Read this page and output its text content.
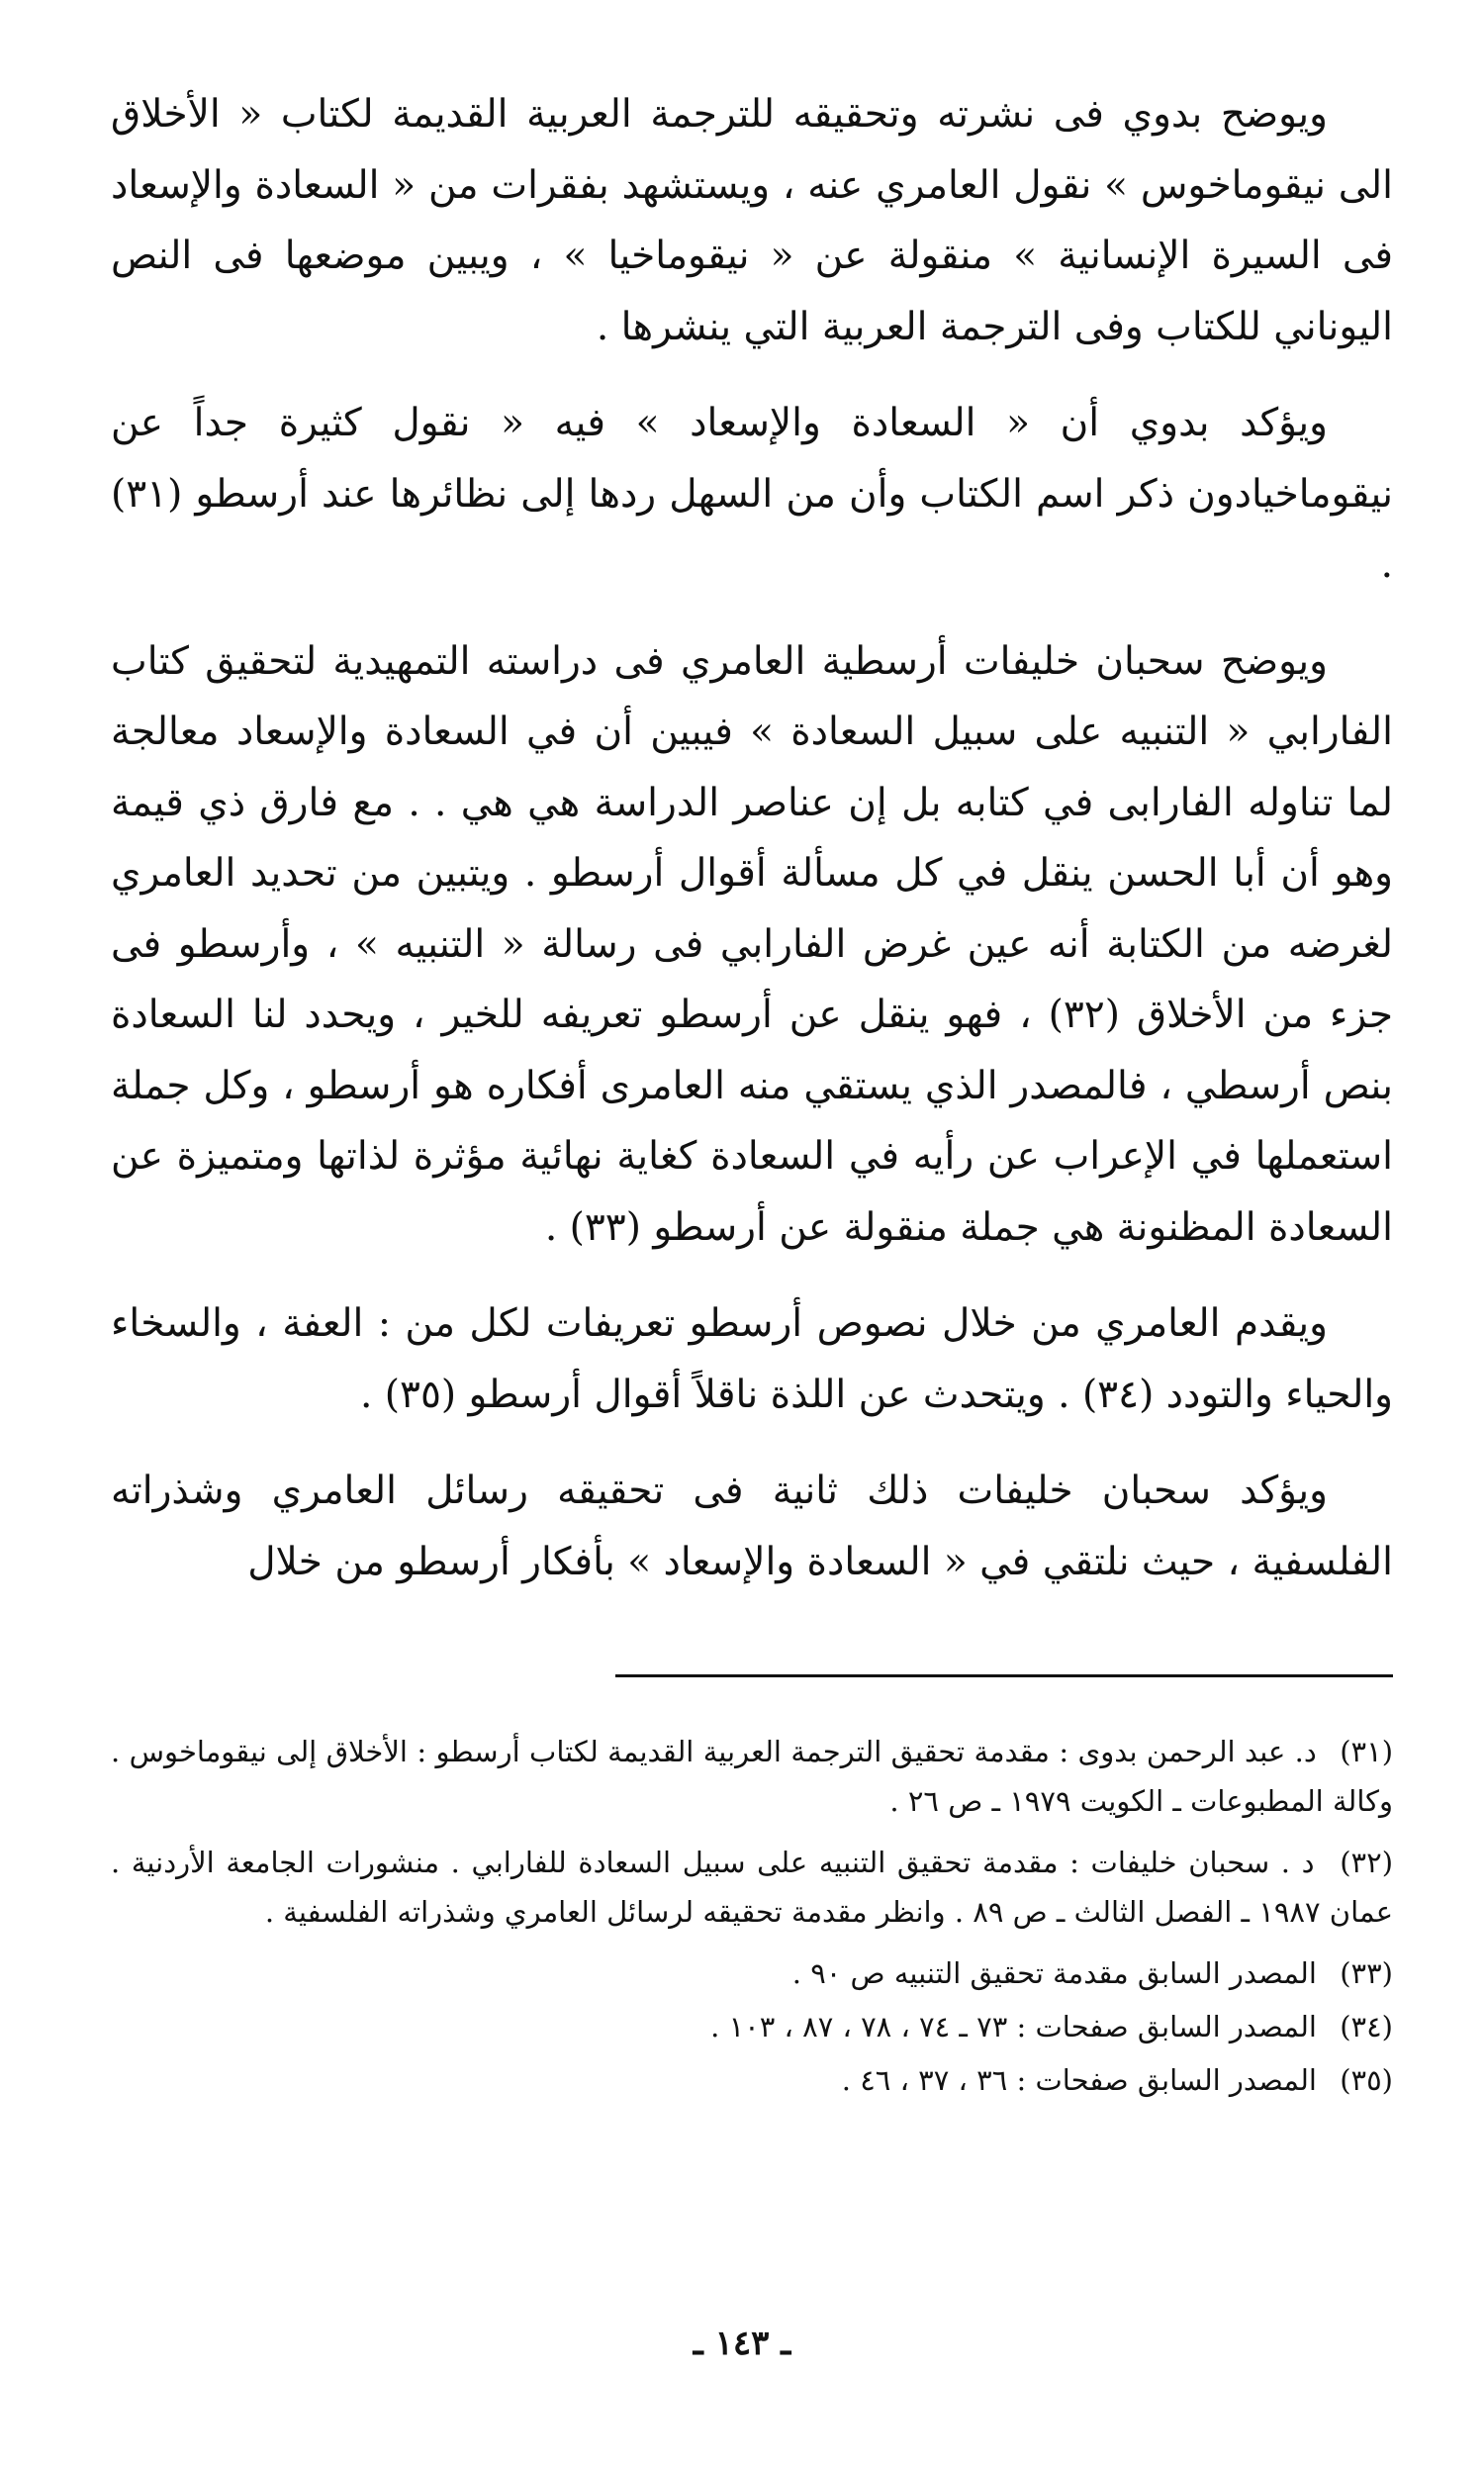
ويوضح بدوي فى نشرته وتحقيقه للترجمة العربية القديمة لكتاب « الأخلاق الى نيقوماخوس » نقول العامري عنه ، ويستشهد بفقرات من « السعادة والإسعاد فى السيرة الإنسانية » منقولة عن « نيقوماخيا » ، ويبين موضعها فى النص اليوناني للكتاب وفى الترجمة العربية التي ينشرها .

ويؤكد بدوي أن « السعادة والإسعاد » فيه « نقول كثيرة جداً عن نيقوماخيادون ذكر اسم الكتاب وأن من السهل ردها إلى نظائرها عند أرسطو (٣١) .

ويوضح سحبان خليفات أرسطية العامري فى دراسته التمهيدية لتحقيق كتاب الفارابي « التنبيه على سبيل السعادة » فيبين أن في السعادة والإسعاد معالجة لما تناوله الفارابى في كتابه بل إن عناصر الدراسة هي هي . . مع فارق ذي قيمة وهو أن أبا الحسن ينقل في كل مسألة أقوال أرسطو . ويتبين من تحديد العامري لغرضه من الكتابة أنه عين غرض الفارابي فى رسالة « التنبيه » ، وأرسطو فى جزء من الأخلاق (٣٢) ، فهو ينقل عن أرسطو تعريفه للخير ، ويحدد لنا السعادة بنص أرسطي ، فالمصدر الذي يستقي منه العامرى أفكاره هو أرسطو ، وكل جملة استعملها في الإعراب عن رأيه في السعادة كغاية نهائية مؤثرة لذاتها ومتميزة عن السعادة المظنونة هي جملة منقولة عن أرسطو (٣٣) .

ويقدم العامري من خلال نصوص أرسطو تعريفات لكل من : العفة ، والسخاء والحياء والتودد (٣٤) . ويتحدث عن اللذة ناقلاً أقوال أرسطو (٣٥) .

ويؤكد سحبان خليفات ذلك ثانية فى تحقيقه رسائل العامري وشذراته الفلسفية ، حيث نلتقي في « السعادة والإسعاد » بأفكار أرسطو من خلال

(٣١) د. عبد الرحمن بدوى : مقدمة تحقيق الترجمة العربية القديمة لكتاب أرسطو : الأخلاق إلى نيقوماخوس . وكالة المطبوعات ـ الكويت ١٩٧٩ ـ ص ٢٦ .
(٣٢) د . سحبان خليفات : مقدمة تحقيق التنبيه على سبيل السعادة للفارابي . منشورات الجامعة الأردنية . عمان ١٩٨٧ ـ الفصل الثالث ـ ص ٨٩ . وانظر مقدمة تحقيقه لرسائل العامري وشذراته الفلسفية .
(٣٣) المصدر السابق مقدمة تحقيق التنبيه ص ٩٠ .
(٣٤) المصدر السابق صفحات : ٧٣ ـ ٧٤ ، ٧٨ ، ٨٧ ، ١٠٣ .
(٣٥) المصدر السابق صفحات : ٣٦ ، ٣٧ ، ٤٦ .
ـ ١٤٣ ـ
